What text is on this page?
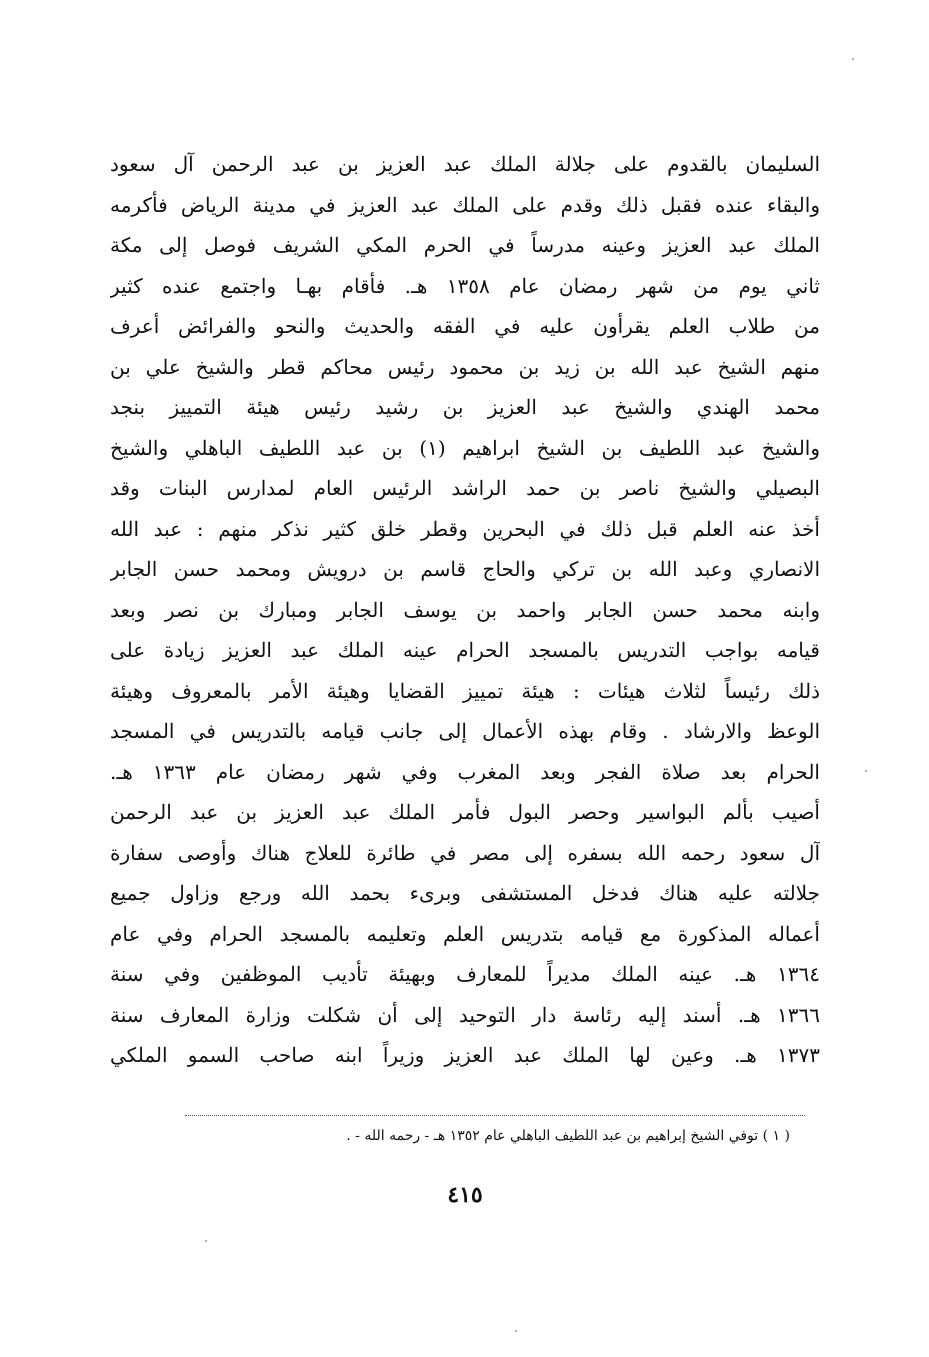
السليمان بالقدوم على جلالة الملك عبد العزيز بن عبد الرحمن آل سعود
والبقاء عنده فقبل ذلك وقدم على الملك عبد العزيز في مدينة الرياض فأكرمه
الملك عبد العزيز وعينه مدرساً في الحرم المكي الشريف فوصل إلى مكة
ثاني يوم من شهر رمضان عام ١٣٥٨ هـ. فأقام بهـا واجتمع عنده كثير
من طلاب العلم يقرأون عليه في الفقه والحديث والنحو والفرائض أعرف
منهم الشيخ عبد الله بن زيد بن محمود رئيس محاكم قطر والشيخ علي بن
محمد الهندي والشيخ عبد العزيز بن رشيد رئيس هيئة التمييز بنجد
والشيخ عبد اللطيف بن الشيخ ابراهيم (١) بن عبد اللطيف الباهلي والشيخ
البصيلي والشيخ ناصر بن حمد الراشد الرئيس العام لمدارس البنات وقد
أخذ عنه العلم قبل ذلك في البحرين وقطر خلق كثير نذكر منهم : عبد الله
الانصاري وعبد الله بن تركي والحاج قاسم بن درويش ومحمد حسن الجابر
وابنه محمد حسن الجابر واحمد بن يوسف الجابر ومبارك بن نصر وبعد
قيامه بواجب التدريس بالمسجد الحرام عينه الملك عبد العزيز زيادة على
ذلك رئيساً لثلاث هيئات : هيئة تمييز القضايا وهيئة الأمر بالمعروف وهيئة
الوعظ والارشاد . وقام بهذه الأعمال إلى جانب قيامه بالتدريس في المسجد
الحرام بعد صلاة الفجر وبعد المغرب وفي شهر رمضان عام ١٣٦٣ هـ.
أصيب بألم البواسير وحصر البول فأمر الملك عبد العزيز بن عبد الرحمن
آل سعود رحمه الله بسفره إلى مصر في طائرة للعلاج هناك وأوصى سفارة
جلالته عليه هناك فدخل المستشفى وبرىء بحمد الله ورجع وزاول جميع
أعماله المذكورة مع قيامه بتدريس العلم وتعليمه بالمسجد الحرام وفي عام
١٣٦٤ هـ. عينه الملك مديراً للمعارف وبهيئة تأديب الموظفين وفي سنة
١٣٦٦ هـ. أسند إليه رئاسة دار التوحيد إلى أن شكلت وزارة المعارف سنة
١٣٧٣ هـ. وعين لها الملك عبد العزيز وزيراً ابنه صاحب السمو الملكي
( ١ ) توفي الشيخ إبراهيم بن عبد اللطيف الباهلي عام ١٣٥٢ هـ - رحمه الله - .
٤١٥
